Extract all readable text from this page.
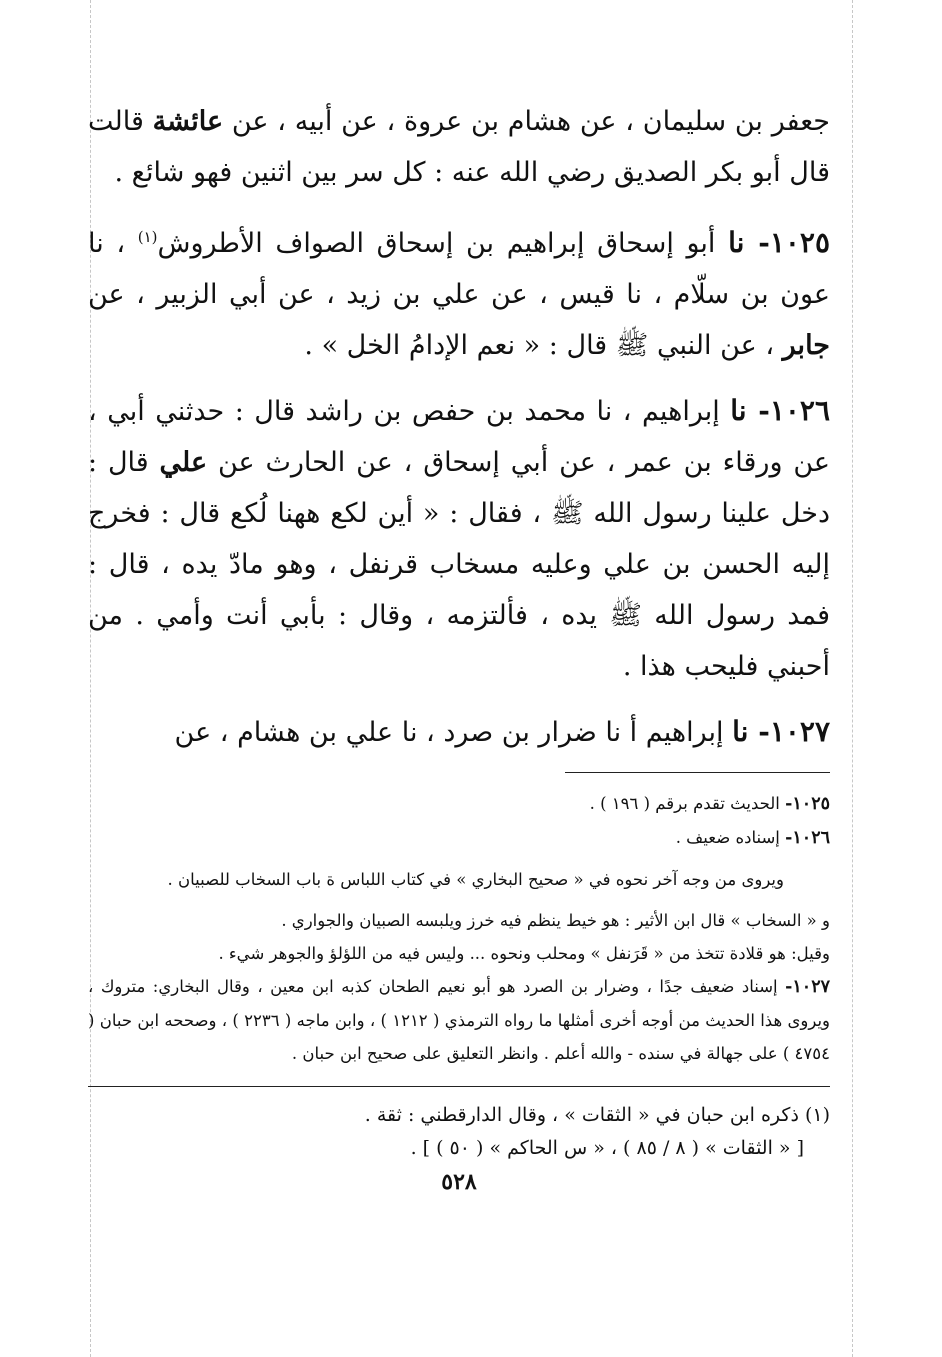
جعفر بن سليمان ، عن هشام بن عروة ، عن أبيه ، عن عائشة قالت قال أبو بكر الصديق رضي الله عنه : كل سر بين اثنين فهو شائع .

١٠٢٥- نا أبو إسحاق إبراهيم بن إسحاق الصواف الأطروش$^{(١)}$ ، نا عون بن سلّام ، نا قيس ، عن علي بن زيد ، عن أبي الزبير ، عن جابر ، عن النبي ﷺ قال : « نعم الإدامُ الخل » .

١٠٢٦- نا إبراهيم ، نا محمد بن حفص بن راشد قال : حدثني أبي ، عن ورقاء بن عمر ، عن أبي إسحاق ، عن الحارث عن علي قال : دخل علينا رسول الله ﷺ ، فقال : « أين لكع ههنا لُكع قال : فخرج إليه الحسن بن علي وعليه مسخاب قرنفل ، وهو مادّ يده ، قال : فمد رسول الله ﷺ يده ، فألتزمه ، وقال : بأبي أنت وأمي . من أحبني فليحب هذا .

١٠٢٧- نا إبراهيم أ نا ضرار بن صرد ، نا علي بن هشام ، عن

١٠٢٥- الحديث تقدم برقم ( ١٩٦ ) .

١٠٢٦- إسناده ضعيف .

ويروى من وجه آخر نحوه في « صحيح البخاري » في كتاب اللباس ة باب السخاب للصبيان .

و « السخاب » قال ابن الأثير : هو خيط ينظم فيه خرز ويلبسه الصبيان والجواري .

وقيل: هو قلادة تتخذ من « قَرَنفل » ومحلب ونحوه ... وليس فيه من اللؤلؤ والجوهر شيء .

١٠٢٧- إسناد ضعيف جدًا ، وضرار بن الصرد هو أبو نعيم الطحان كذبه ابن معين ، وقال البخاري: متروك ، ويروى هذا الحديث من أوجه أخرى أمثلها ما رواه الترمذي ( ١٢١٢ ) ، وابن ماجه ( ٢٢٣٦ ) ، وصححه ابن حبان ( ٤٧٥٤ ) على جهالة في سنده - والله أعلم . وانظر التعليق على صحيح ابن حبان .

(١) ذكره ابن حبان في « الثقات » ، وقال الدارقطني : ثقة .

[ « الثقات » ( ٨ / ٨٥ ) ، « س الحاكم » ( ٥٠ ) ] .

٥٢٨
